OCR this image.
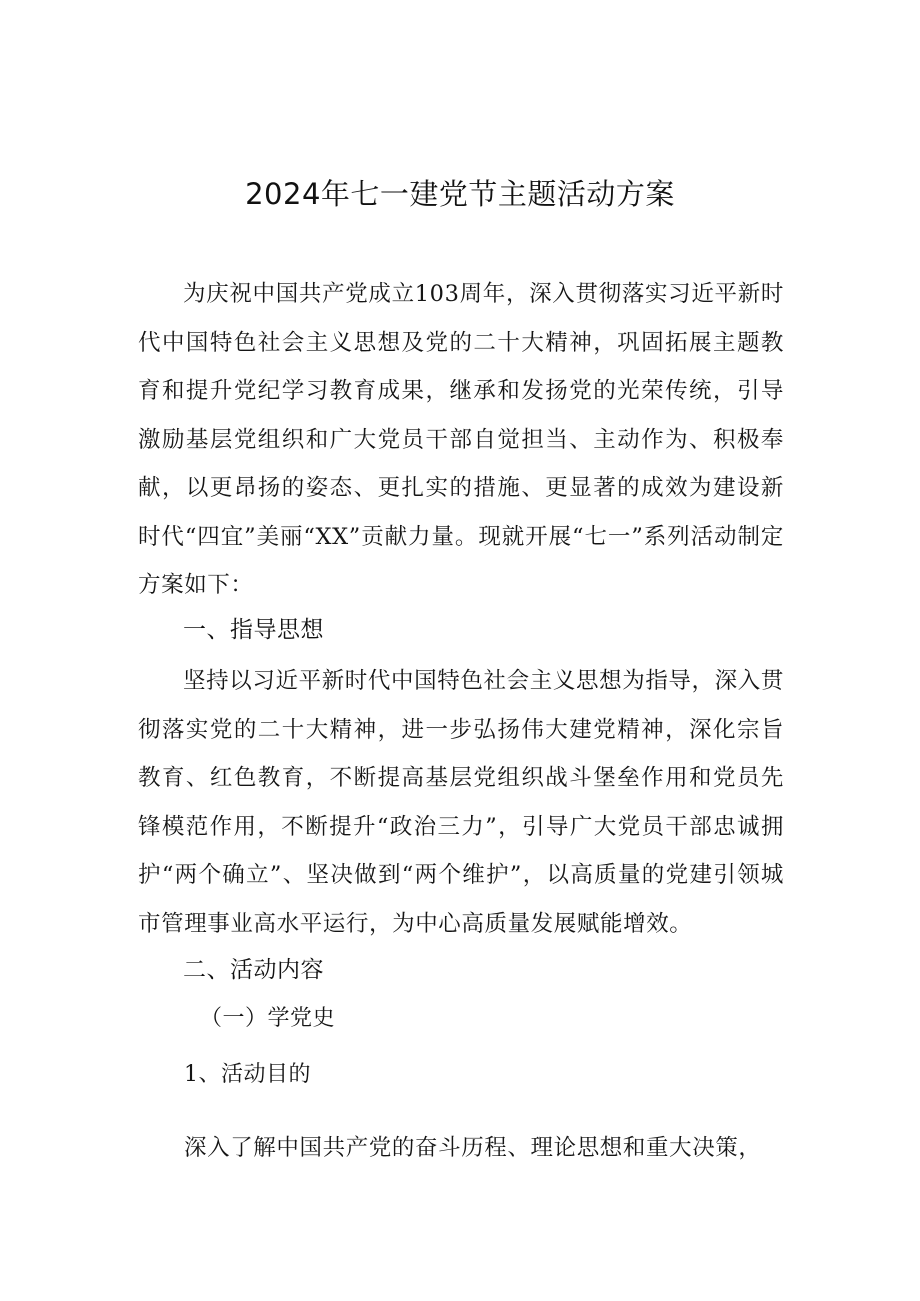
2024年七一建党节主题活动方案

为庆祝中国共产党成立103周年，深入贯彻落实习近平新时代中国特色社会主义思想及党的二十大精神，巩固拓展主题教育和提升党纪学习教育成果，继承和发扬党的光荣传统，引导激励基层党组织和广大党员干部自觉担当、主动作为、积极奉献，以更昂扬的姿态、更扎实的措施、更显著的成效为建设新时代“四宜”美丽“XX”贡献力量。现就开展“七一”系列活动制定方案如下：

一、指导思想

坚持以习近平新时代中国特色社会主义思想为指导，深入贯彻落实党的二十大精神，进一步弘扬伟大建党精神，深化宗旨教育、红色教育，不断提高基层党组织战斗堡垒作用和党员先锋模范作用，不断提升“政治三力”，引导广大党员干部忠诚拥护“两个确立”、坚决做到“两个维护”，以高质量的党建引领城市管理事业高水平运行，为中心高质量发展赋能增效。

二、活动内容
（一）学党史
1、活动目的
深入了解中国共产党的奋斗历程、理论思想和重大决策，
